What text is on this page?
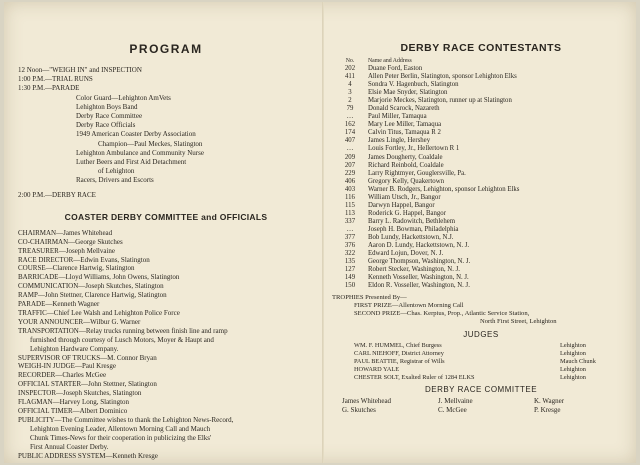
PROGRAM
12 Noon—"WEIGH IN" and INSPECTION
1:00 P.M.—TRIAL RUNS
1:30 P.M.—PARADE
Color Guard—Lehighton AmVets
Lehighton Boys Band
Derby Race Committee
Derby Race Officials
1949 American Coaster Derby Association
Champion—Paul Meckes, Slatington
Lehighton Ambulance and Community Nurse
Luther Beers and First Aid Detachment
of Lehighton
Racers, Drivers and Escorts
2:00 P.M.—DERBY RACE
COASTER DERBY COMMITTEE and OFFICIALS
CHAIRMAN—James Whitehead
CO-CHAIRMAN—George Skutches
TREASURER—Joseph Mellvaine
RACE DIRECTOR—Edwin Evans, Slatington
COURSE—Clarence Hartwig, Slatington
BARRICADE—Lloyd Williams, John Owens, Slatington
COMMUNICATION—Joseph Skutches, Slatington
RAMP—John Stettner, Clarence Hartwig, Slatington
PARADE—Kenneth Wagner
TRAFFIC—Chief Lee Walsh and Lehighton Police Force
YOUR ANNOUNCER—Wilbur G. Warner
TRANSPORTATION—Relay trucks running between finish line and ramp
furnished through courtesy of Lusch Motors, Moyer & Haupt and
Lehighton Hardware Company.
SUPERVISOR OF TRUCKS—M. Connor Bryan
WEIGH-IN JUDGE—Paul Kresge
RECORDER—Charles McGee
OFFICIAL STARTER—John Stettner, Slatington
INSPECTOR—Joseph Skutches, Slatington
FLAGMAN—Harvey Long, Slatington
OFFICIAL TIMER—Albert Dominico
PUBLICITY—The Committee wishes to thank the Lehighton News-Record,
Lehighton Evening Leader, Allentown Morning Call and Mauch
Chunk Times-News for their cooperation in publicizing the Elks'
First Annual Coaster Derby.
PUBLIC ADDRESS SYSTEM—Kenneth Kresge
DERBY RACE CONTESTANTS
No.	Name and Address
202	Duane Ford, Easton
411	Allen Peter Berlin, Slatington, sponsor Lehighton Elks
4	Sondra V. Hagenbuch, Slatington
3	Elsie Mae Snyder, Slatington
2	Marjorie Meckes, Slatington, runner up at Slatington
79	Donald Scarock, Nazareth
…	Paul Miller, Tamaqua
162	Mary Lee Miller, Tamaqua
174	Calvin Titus, Tamaqua R 2
407	James Lingle, Hershey
…	Louis Fortley, Jr., Hellertown R 1
209	James Dougherty, Coaldale
207	Richard Reinbold, Coaldale
229	Larry Rightmyer, Gouglersville, Pa.
406	Gregory Kelly, Quakertown
403	Warner B. Rodgers, Lehighton, sponsor Lehighton Elks
116	William Utsch, Jr., Bangor
115	Darwyn Happel, Bangor
113	Roderick G. Happel, Bangor
337	Barry L. Radowitch, Bethlehem
…	Joseph H. Bowman, Philadelphia
377	Bob Lundy, Hackettstown, N.J.
376	Aaron D. Lundy, Hackettstown, N. J.
322	Edward Lojun, Dover, N. J.
135	George Thompson, Washington, N. J.
127	Robert Stecker, Washington, N. J.
149	Kenneth Vosseller, Washington, N. J.
150	Eldon R. Vosseller, Washington, N. J.
TROPHIES Presented By—
FIRST PRIZE—Allentown Morning Call
SECOND PRIZE—Chas. Kerpius, Prop., Atlantic Service Station,
North First Street, Lehighton
JUDGES
WM. F. HUMMEL, Chief Burgess	Lehighton
CARL NIEHOFF, District Attorney	Lehighton
PAUL BEATTIE, Registrar of Wills	Mauch Chunk
HOWARD YALE	Lehighton
CHESTER SOLT, Exalted Ruler of 1284 ELKS	Lehighton
DERBY RACE COMMITTEE
James Whitehead	J. Mellvaine	K. Wagner
G. Skutches	C. McGee	P. Kresge
